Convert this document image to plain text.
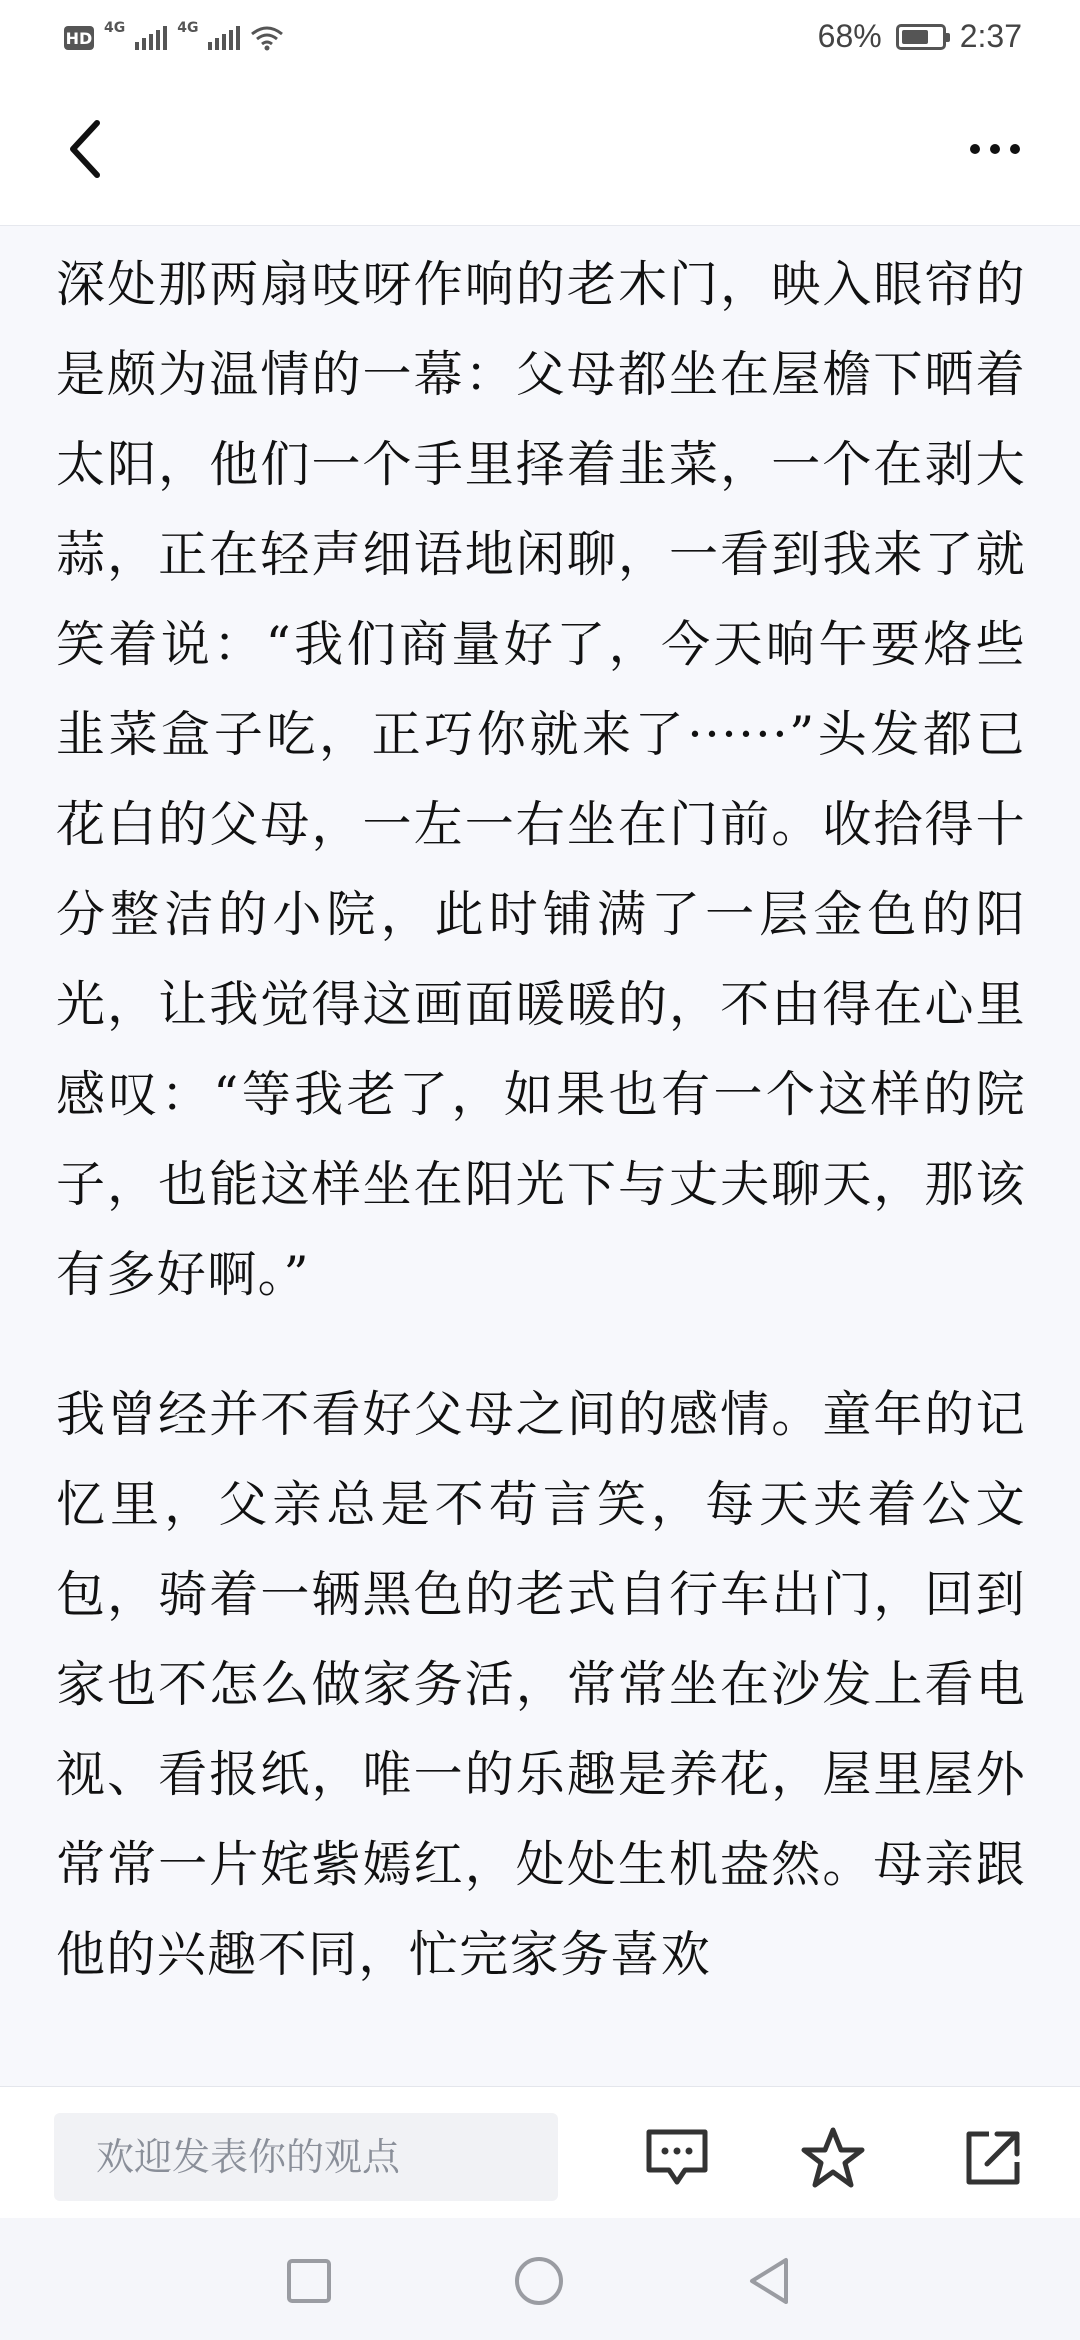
HD
4G	4G	68% 2:37

深处那两扇吱呀作响的老木门，映入眼帘的是颇为温情的一幕：父母都坐在屋檐下晒着太阳，他们一个手里择着韭菜，一个在剥大蒜，正在轻声细语地闲聊，一看到我来了就笑着说：“我们商量好了，今天晌午要烙些韭菜盒子吃，正巧你就来了······”头发都已花白的父母，一左一右坐在门前。收拾得十分整洁的小院，此时铺满了一层金色的阳光，让我觉得这画面暖暖的，不由得在心里感叹：“等我老了，如果也有一个这样的院子，也能这样坐在阳光下与丈夫聊天，那该有多好啊。”

我曾经并不看好父母之间的感情。童年的记忆里，父亲总是不苟言笑，每天夹着公文包，骑着一辆黑色的老式自行车出门，回到家也不怎么做家务活，常常坐在沙发上看电视、看报纸，唯一的乐趣是养花，屋里屋外常常一片姹紫嫣红，处处生机盎然。母亲跟他的兴趣不同，忙完家务喜欢

欢迎发表你的观点
